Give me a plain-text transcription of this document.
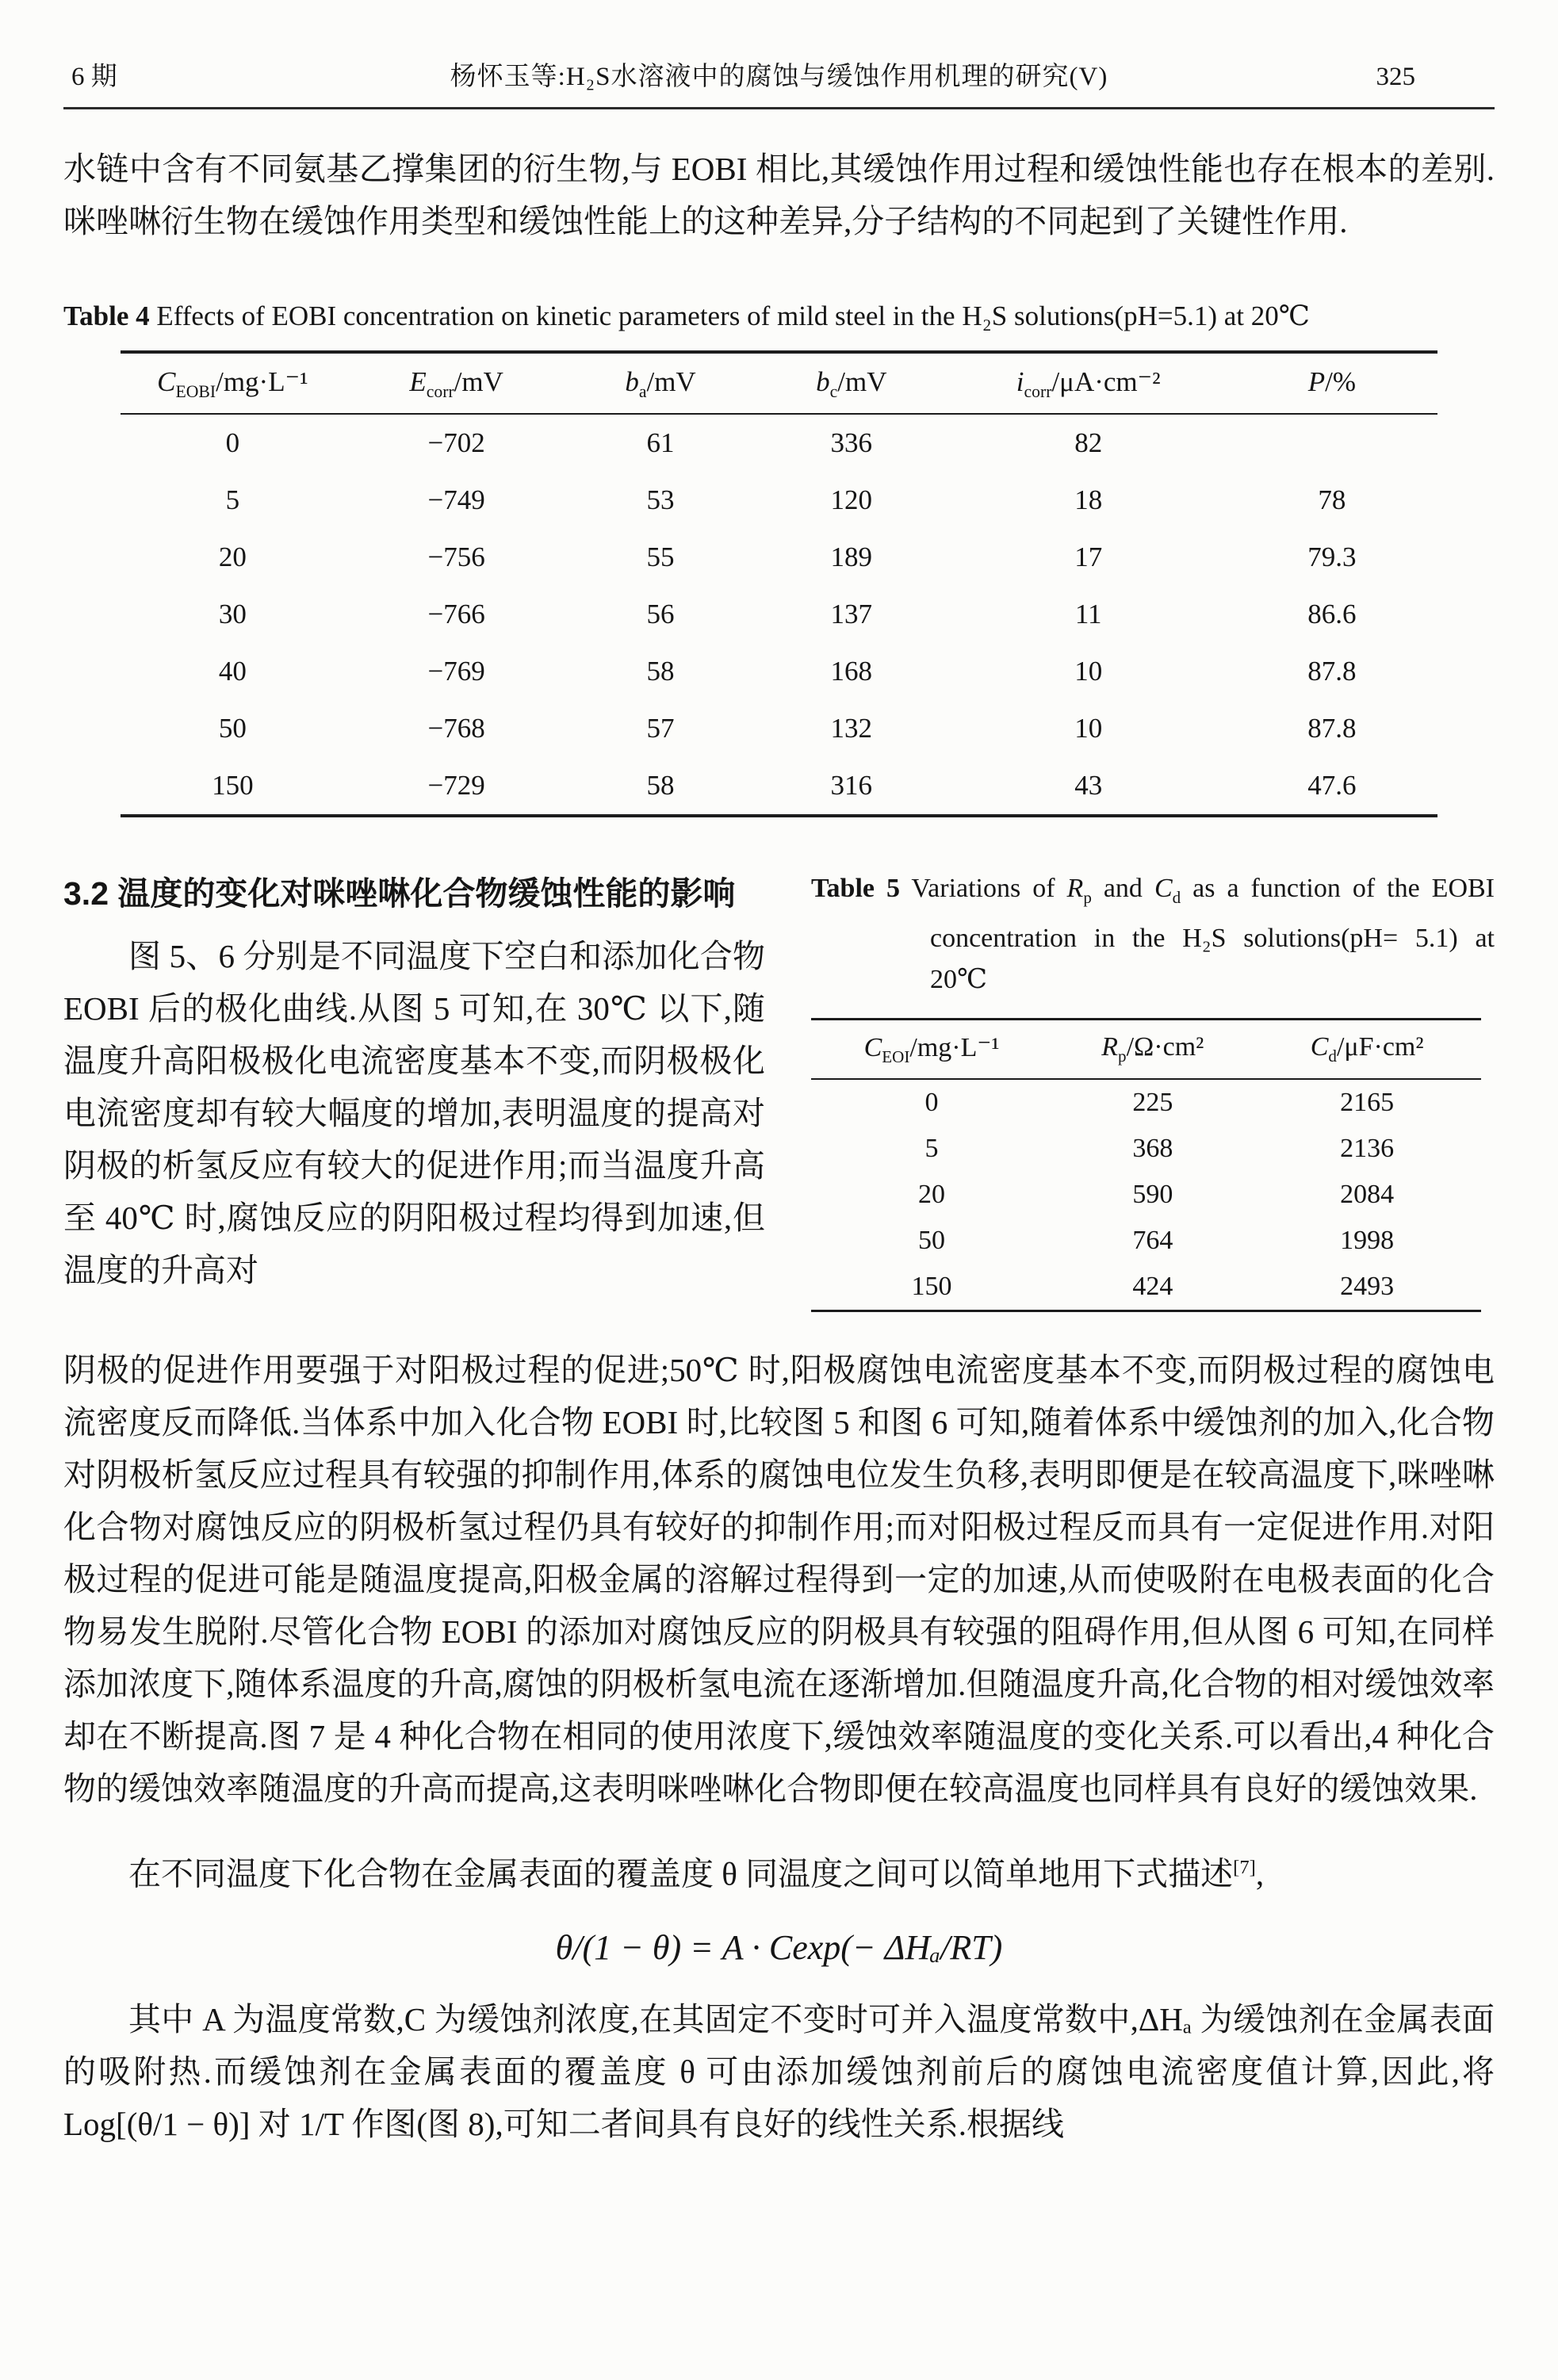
6 期	杨怀玉等:H₂S水溶液中的腐蚀与缓蚀作用机理的研究(V)	325

水链中含有不同氨基乙撑集团的衍生物,与 EOBI 相比,其缓蚀作用过程和缓蚀性能也存在根本的差别.咪唑啉衍生物在缓蚀作用类型和缓蚀性能上的这种差异,分子结构的不同起到了关键性作用.

Table 4 Effects of EOBI concentration on kinetic parameters of mild steel in the H₂S solutions(pH=5.1) at 20℃

$C_{EOBI}/mg\cdot L^{-1}$	$E_{corr}/mV$	$b_a/mV$	$b_c/mV$	$i_{corr}/\mu A\cdot cm^{-2}$	P/%
0	−702	61	336	82	
5	−749	53	120	18	78
20	−756	55	189	17	79.3
30	−766	56	137	11	86.6
40	−769	58	168	10	87.8
50	−768	57	132	10	87.8
150	−729	58	316	43	47.6
3.2 温度的变化对咪唑啉化合物缓蚀性能的影响

图 5、6 分别是不同温度下空白和添加化合物 EOBI 后的极化曲线.从图 5 可知,在 30℃ 以下,随温度升高阳极极化电流密度基本不变,而阴极极化电流密度却有较大幅度的增加,表明温度的提高对阴极的析氢反应有较大的促进作用;而当温度升高至 40℃ 时,腐蚀反应的阴阳极过程均得到加速,但温度的升高对

Table 5 Variations of $R_p$ and $C_d$ as a function of the EOBI concentration in the H₂S solutions(pH= 5.1) at 20℃

$C_{EOI}/mg\cdot L^{-1}$	$R_p/\Omega\cdot cm^2$	$C_d/\mu F\cdot cm^2$
0	225	2165
5	368	2136
20	590	2084
50	764	1998
150	424	2493

阴极的促进作用要强于对阳极过程的促进;50℃ 时,阳极腐蚀电流密度基本不变,而阴极过程的腐蚀电流密度反而降低.当体系中加入化合物 EOBI 时,比较图 5 和图 6 可知,随着体系中缓蚀剂的加入,化合物对阴极析氢反应过程具有较强的抑制作用,体系的腐蚀电位发生负移,表明即便是在较高温度下,咪唑啉化合物对腐蚀反应的阴极析氢过程仍具有较好的抑制作用;而对阳极过程反而具有一定促进作用.对阳极过程的促进可能是随温度提高,阳极金属的溶解过程得到一定的加速,从而使吸附在电极表面的化合物易发生脱附.尽管化合物 EOBI 的添加对腐蚀反应的阴极具有较强的阻碍作用,但从图 6 可知,在同样添加浓度下,随体系温度的升高,腐蚀的阴极析氢电流在逐渐增加.但随温度升高,化合物的相对缓蚀效率却在不断提高.图 7 是 4 种化合物在相同的使用浓度下,缓蚀效率随温度的变化关系.可以看出,4 种化合物的缓蚀效率随温度的升高而提高,这表明咪唑啉化合物即便在较高温度也同样具有良好的缓蚀效果.

在不同温度下化合物在金属表面的覆盖度 θ 同温度之间可以简单地用下式描述[7],

θ/(1 − θ) = A · Cexp(− ΔHₐ/RT)

其中 A 为温度常数,C 为缓蚀剂浓度,在其固定不变时可并入温度常数中,ΔHₐ 为缓蚀剂在金属表面的吸附热.而缓蚀剂在金属表面的覆盖度 θ 可由添加缓蚀剂前后的腐蚀电流密度值计算,因此,将 Log[(θ/1 − θ)] 对 1/T 作图(图 8),可知二者间具有良好的线性关系.根据线
